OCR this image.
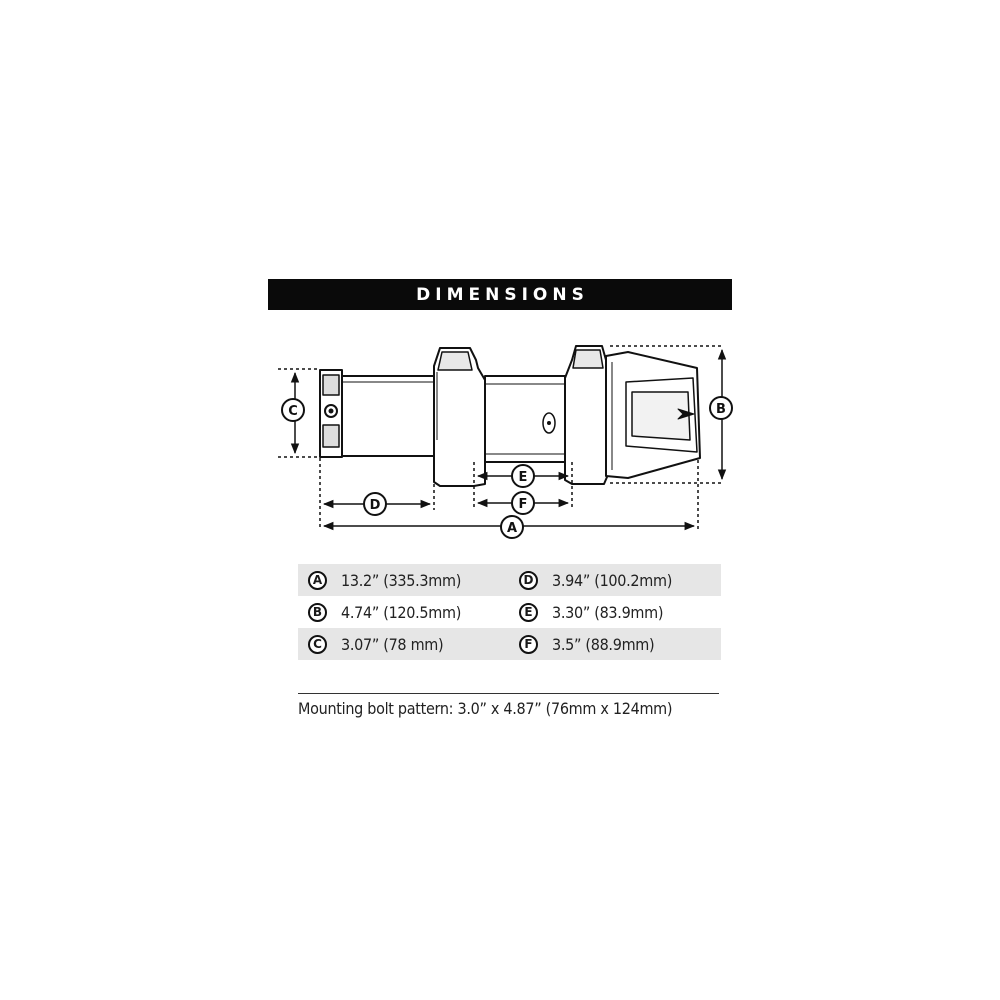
DIMENSIONS
C	B
D
E
F
A
A	13.2” (335.3mm)	D 3.94” (100.2mm)
B	4.74” (120.5mm)	E	3.30” (83.9mm)
C	3.07” (78 mm)	F	3.5” (88.9mm)
Mounting bolt pattern: 3.0” x 4.87” (76mm x 124mm)
